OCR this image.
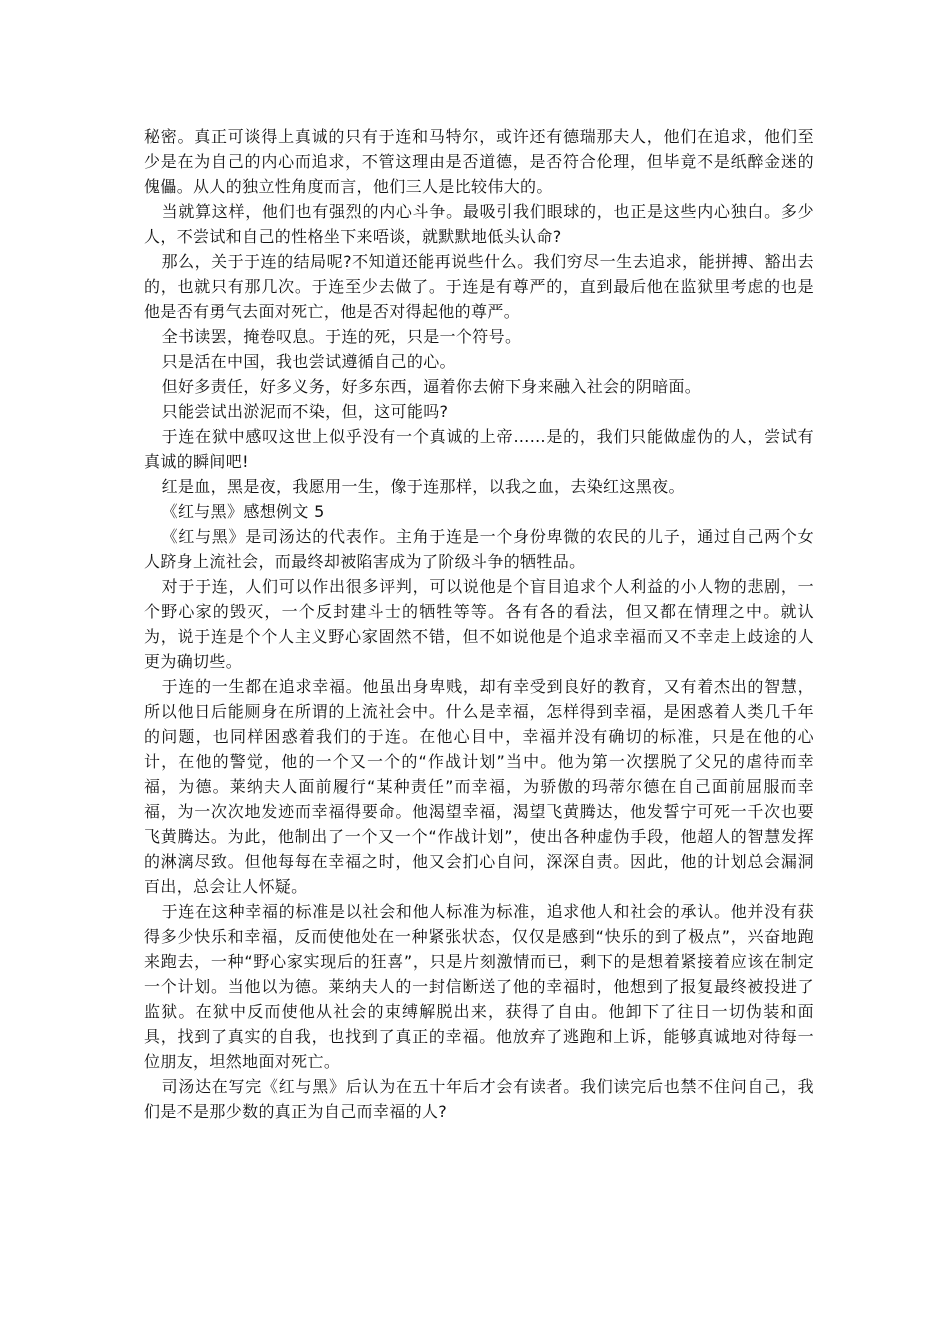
秘密。真正可谈得上真诚的只有于连和马特尔，或许还有德瑞那夫人，他们在追求，他们至少是在为自己的内心而追求，不管这理由是否道德，是否符合伦理，但毕竟不是纸醉金迷的傀儡。从人的独立性角度而言，他们三人是比较伟大的。

当就算这样，他们也有强烈的内心斗争。最吸引我们眼球的，也正是这些内心独白。多少人，不尝试和自己的性格坐下来唔谈，就默默地低头认命?

那么，关于于连的结局呢?不知道还能再说些什么。我们穷尽一生去追求，能拼搏、豁出去的，也就只有那几次。于连至少去做了。于连是有尊严的，直到最后他在监狱里考虑的也是他是否有勇气去面对死亡，他是否对得起他的尊严。

全书读罢，掩卷叹息。于连的死，只是一个符号。

只是活在中国，我也尝试遵循自己的心。

但好多责任，好多义务，好多东西，逼着你去俯下身来融入社会的阴暗面。

只能尝试出淤泥而不染，但，这可能吗?

于连在狱中感叹这世上似乎没有一个真诚的上帝……是的，我们只能做虚伪的人，尝试有真诚的瞬间吧!

红是血，黑是夜，我愿用一生，像于连那样，以我之血，去染红这黑夜。

《红与黑》感想例文 5

《红与黑》是司汤达的代表作。主角于连是一个身份卑微的农民的儿子，通过自己两个女人跻身上流社会，而最终却被陷害成为了阶级斗争的牺牲品。

对于于连，人们可以作出很多评判，可以说他是个盲目追求个人利益的小人物的悲剧，一个野心家的毁灭，一个反封建斗士的牺牲等等。各有各的看法，但又都在情理之中。就认为，说于连是个个人主义野心家固然不错，但不如说他是个追求幸福而又不幸走上歧途的人更为确切些。

于连的一生都在追求幸福。他虽出身卑贱，却有幸受到良好的教育，又有着杰出的智慧，所以他日后能厕身在所谓的上流社会中。什么是幸福，怎样得到幸福，是困惑着人类几千年的问题，也同样困惑着我们的于连。在他心目中，幸福并没有确切的标准，只是在他的心计，在他的警觉，他的一个又一个的“作战计划”当中。他为第一次摆脱了父兄的虐待而幸福，为德。莱纳夫人面前履行“某种责任”而幸福，为骄傲的玛蒂尔德在自己面前屈服而幸福，为一次次地发迹而幸福得要命。他渴望幸福，渴望飞黄腾达，他发誓宁可死一千次也要飞黄腾达。为此，他制出了一个又一个“作战计划”，使出各种虚伪手段，他超人的智慧发挥的淋漓尽致。但他每每在幸福之时，他又会扪心自问，深深自责。因此，他的计划总会漏洞百出，总会让人怀疑。

于连在这种幸福的标准是以社会和他人标准为标准，追求他人和社会的承认。他并没有获得多少快乐和幸福，反而使他处在一种紧张状态，仅仅是感到“快乐的到了极点”，兴奋地跑来跑去，一种“野心家实现后的狂喜”，只是片刻激情而已，剩下的是想着紧接着应该在制定一个计划。当他以为德。莱纳夫人的一封信断送了他的幸福时，他想到了报复最终被投进了监狱。在狱中反而使他从社会的束缚解脱出来，获得了自由。他卸下了往日一切伪装和面具，找到了真实的自我，也找到了真正的幸福。他放弃了逃跑和上诉，能够真诚地对待每一位朋友，坦然地面对死亡。

司汤达在写完《红与黑》后认为在五十年后才会有读者。我们读完后也禁不住问自己，我们是不是那少数的真正为自己而幸福的人?
